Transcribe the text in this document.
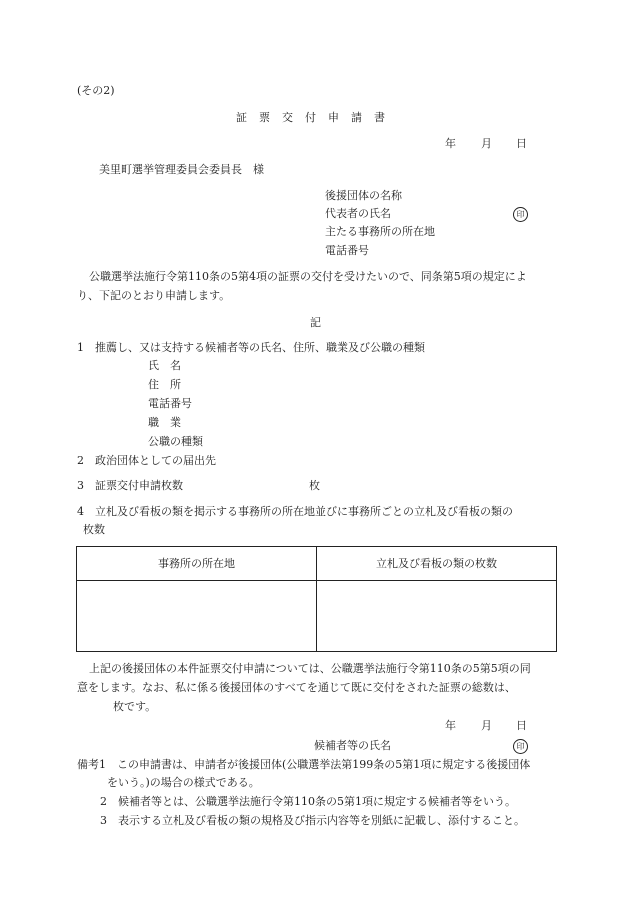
(その2)
証票交付申請書
年 月 日
美里町選挙管理委員会委員長　様
後援団体の名称
代表者の氏名	印
主たる事務所の所在地
電話番号
公職選挙法施行令第110条の5第4項の証票の交付を受けたいので、同条第5項の規定によ
り、下記のとおり申請します。
記
1　推薦し、又は支持する候補者等の氏名、住所、職業及び公職の種類
氏　名
住　所
電話番号
職　業
公職の種類
2　政治団体としての届出先
3　証票交付申請枚数	枚
4　立札及び看板の類を掲示する事務所の所在地並びに事務所ごとの立札及び看板の類の
枚数
事務所の所在地	立札及び看板の類の枚数

上記の後援団体の本件証票交付申請については、公職選挙法施行令第110条の5第5項の同
意をします。なお、私に係る後援団体のすべてを通じて既に交付をされた証票の総数は、
枚です。
年 月 日
候補者等の氏名	印
備考1　この申請書は、申請者が後援団体(公職選挙法第199条の5第1項に規定する後援団体
をいう。)の場合の様式である。
2　候補者等とは、公職選挙法施行令第110条の5第1項に規定する候補者等をいう。
3　表示する立札及び看板の類の規格及び指示内容等を別紙に記載し、添付すること。
